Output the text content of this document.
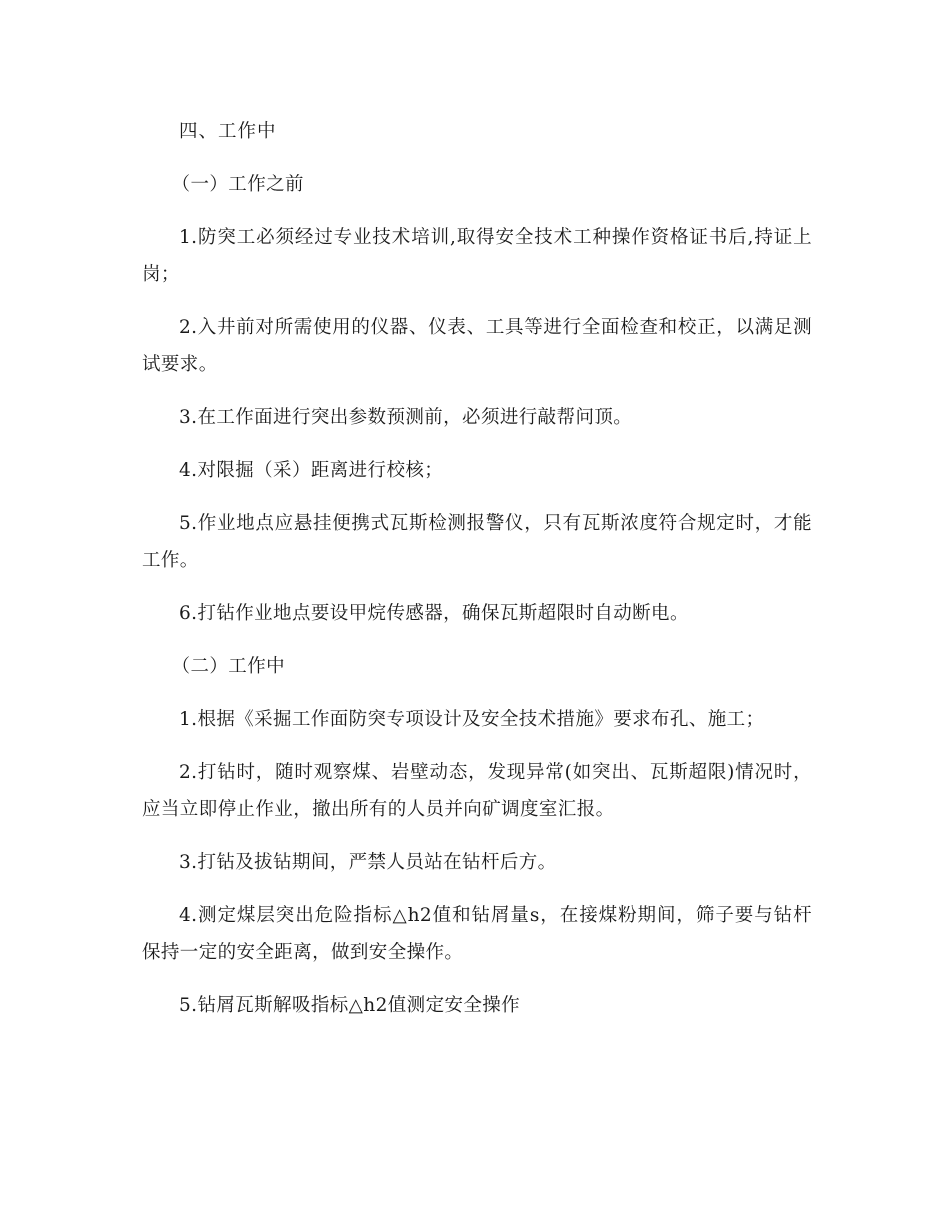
四、工作中

（一）工作之前

1.防突工必须经过专业技术培训,取得安全技术工种操作资格证书后,持证上岗；

2.入井前对所需使用的仪器、仪表、工具等进行全面检查和校正，以满足测试要求。

3.在工作面进行突出参数预测前，必须进行敲帮问顶。

4.对限掘（采）距离进行校核；

5.作业地点应悬挂便携式瓦斯检测报警仪，只有瓦斯浓度符合规定时，才能工作。

6.打钻作业地点要设甲烷传感器，确保瓦斯超限时自动断电。

（二）工作中

1.根据《采掘工作面防突专项设计及安全技术措施》要求布孔、施工；

2.打钻时，随时观察煤、岩壁动态，发现异常(如突出、瓦斯超限)情况时，应当立即停止作业，撤出所有的人员并向矿调度室汇报。

3.打钻及拔钻期间，严禁人员站在钻杆后方。

4.测定煤层突出危险指标△h2值和钻屑量s，在接煤粉期间，筛子要与钻杆保持一定的安全距离，做到安全操作。

5.钻屑瓦斯解吸指标△h2值测定安全操作
